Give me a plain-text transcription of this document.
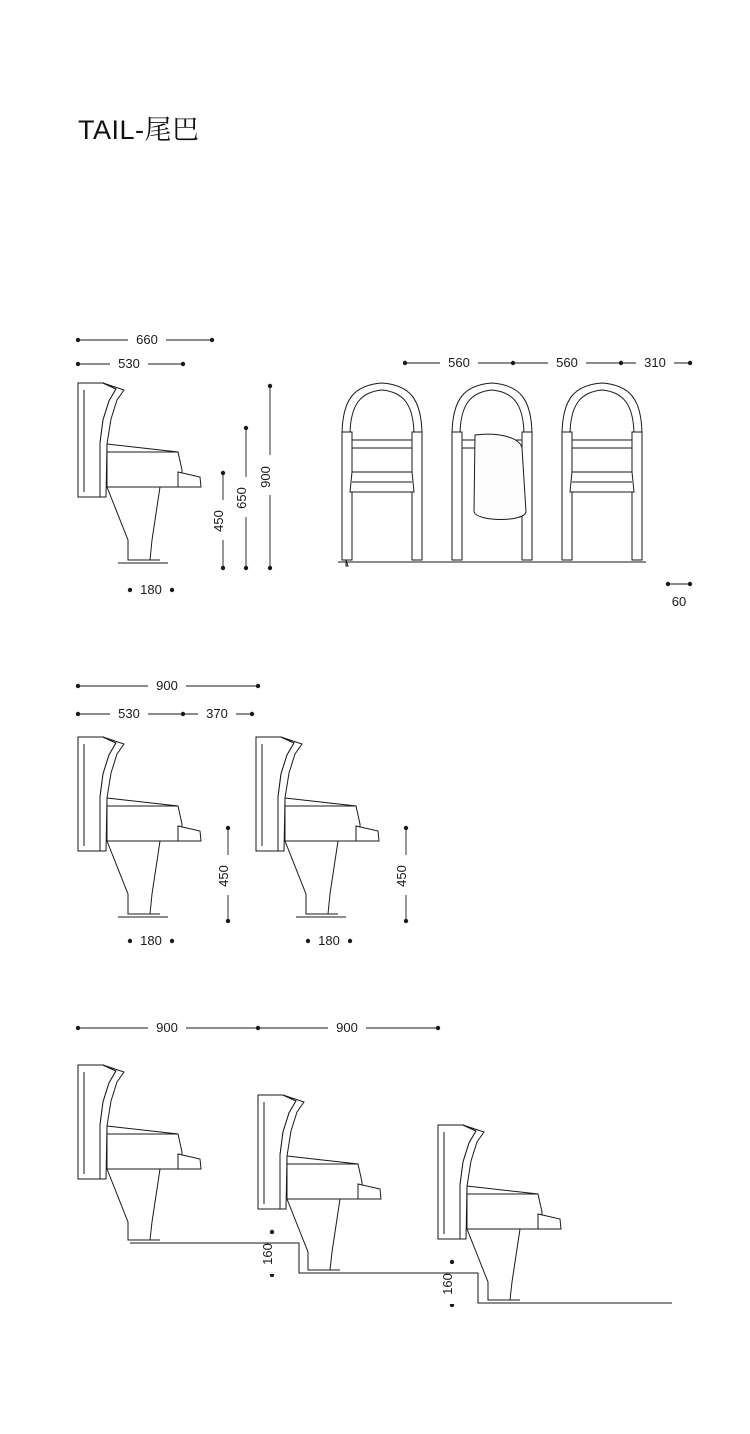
TAIL-尾巴
660
530
900
650
450
180
560	560	310
60
900
530	370
450	450
180	180
900	900
160
160
